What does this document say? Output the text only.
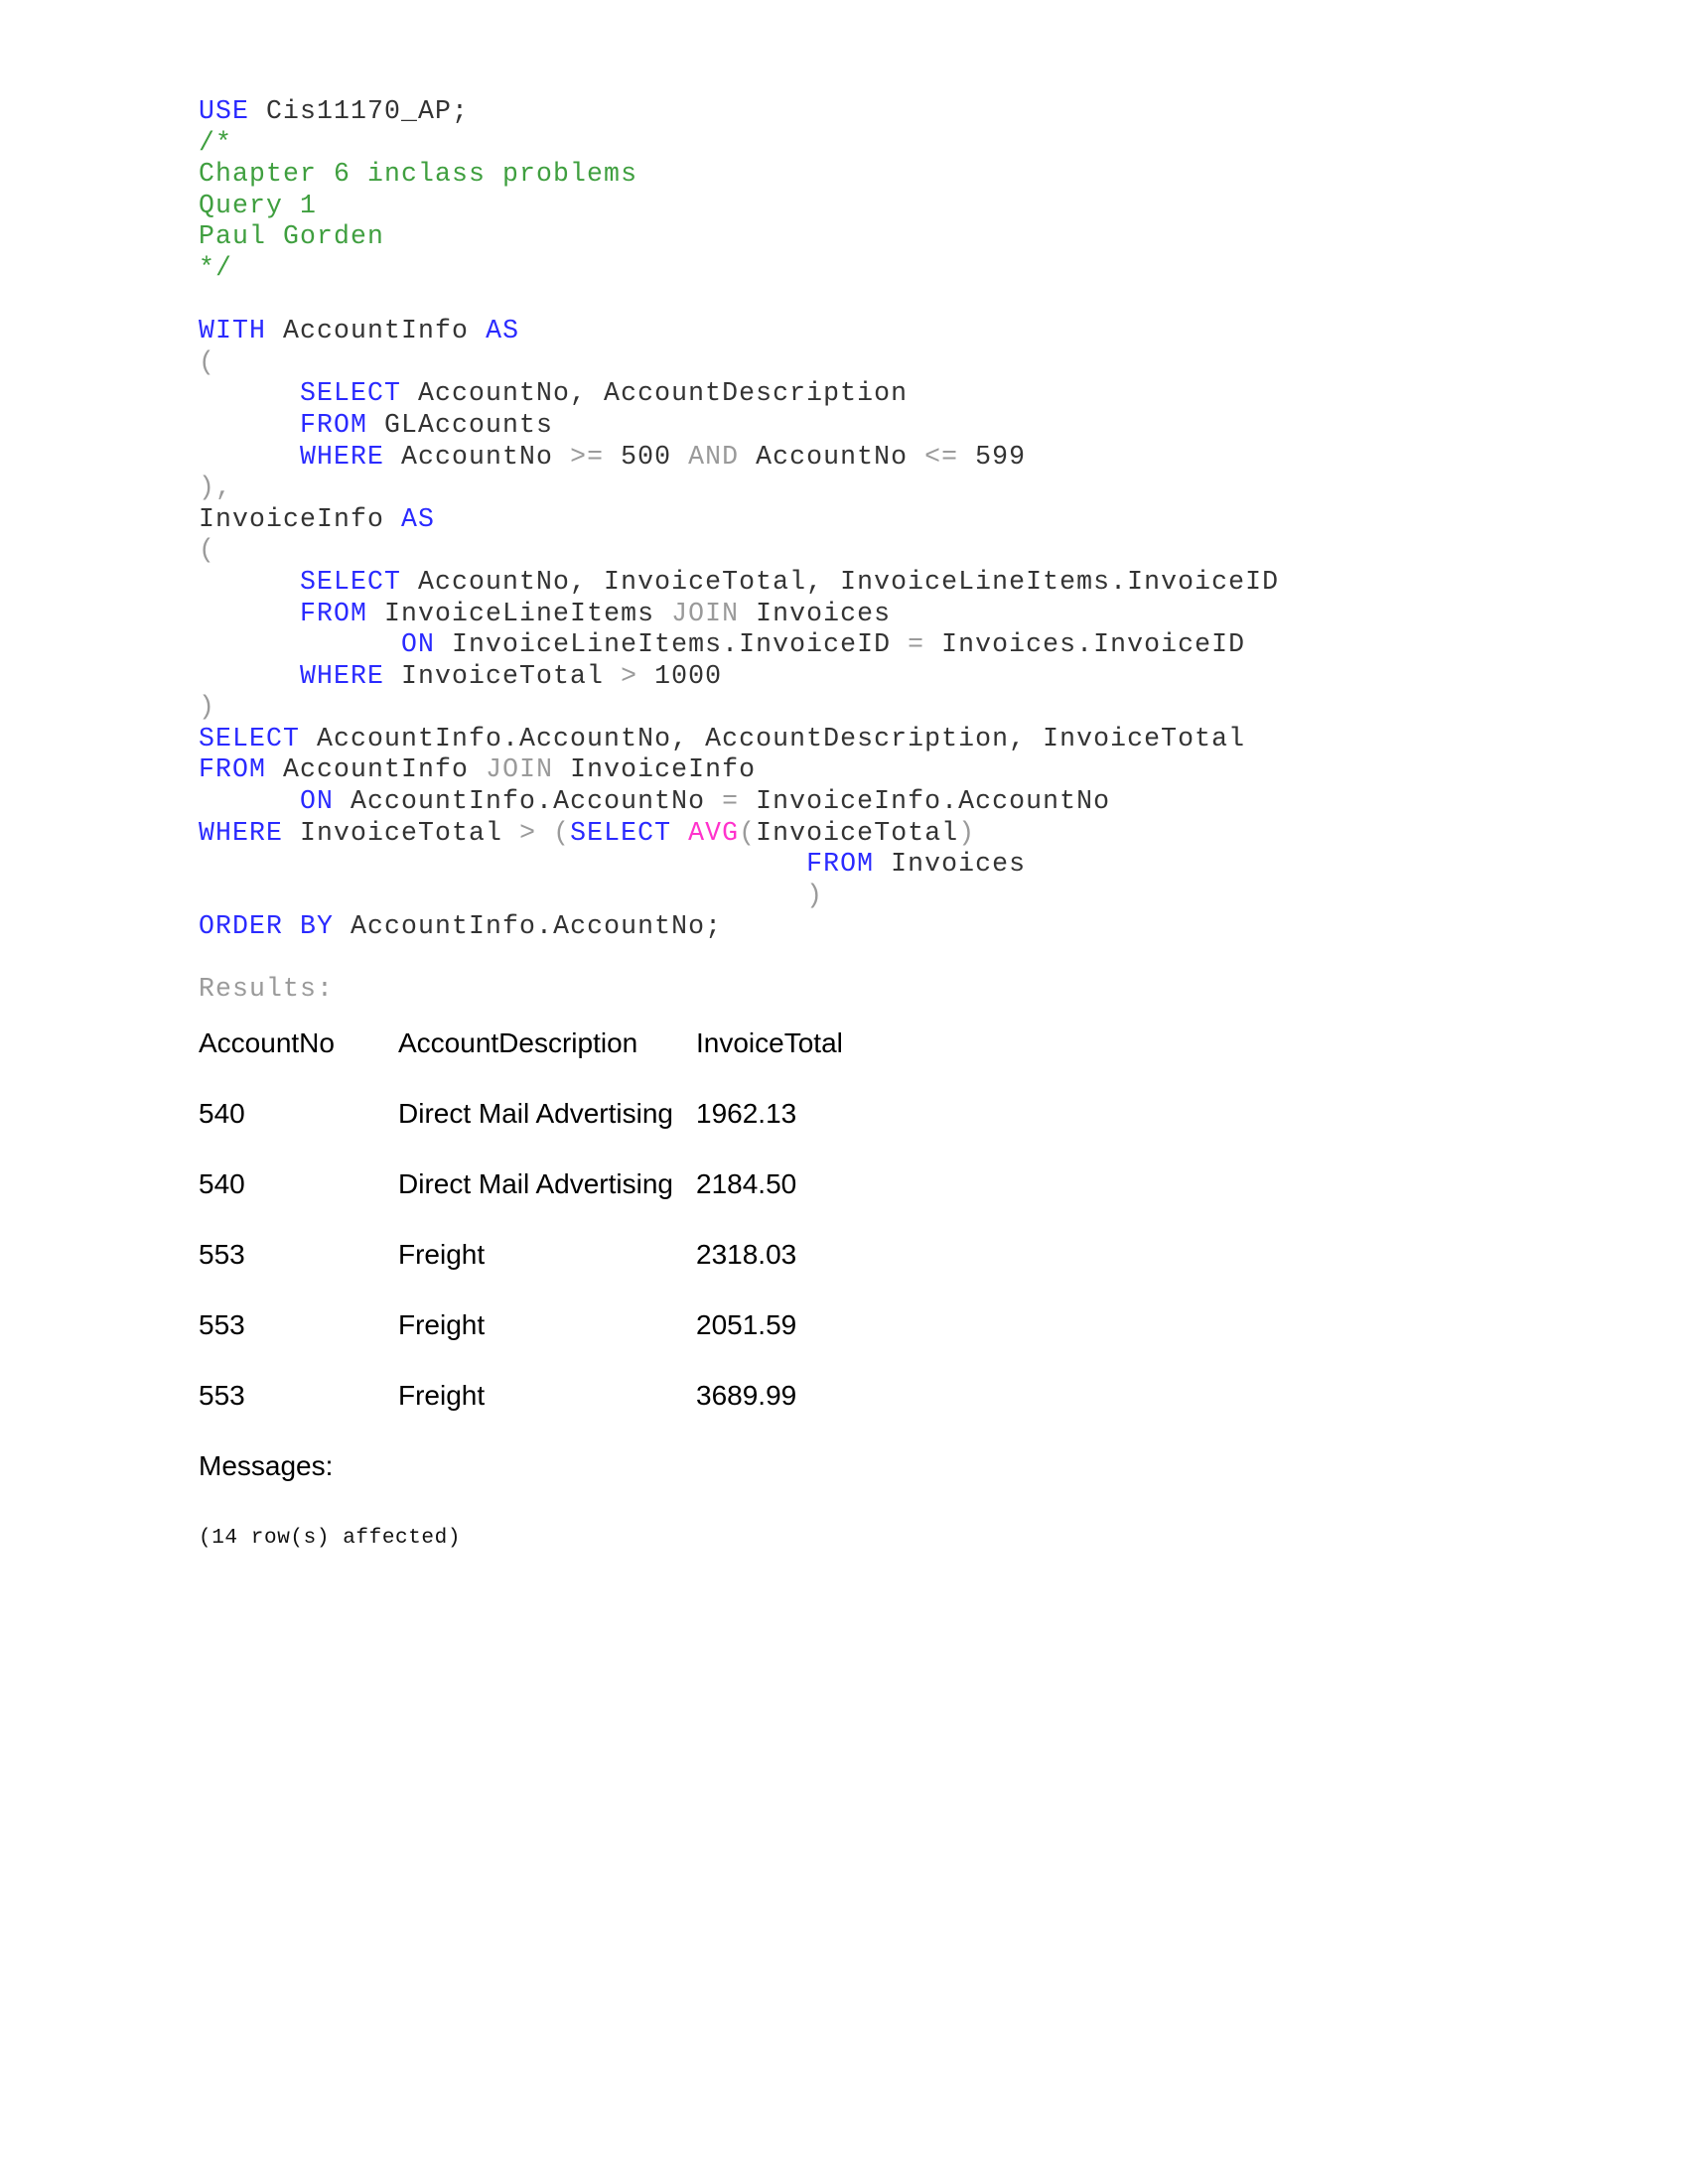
USE Cis11170_AP;
/*
Chapter 6 inclass problems
Query 1
Paul Gorden
*/
WITH AccountInfo AS
(
SELECT AccountNo, AccountDescription
FROM GLAccounts
WHERE AccountNo >= 500 AND AccountNo <= 599
),
InvoiceInfo AS
(
SELECT AccountNo, InvoiceTotal, InvoiceLineItems.InvoiceID
FROM InvoiceLineItems JOIN Invoices
ON InvoiceLineItems.InvoiceID = Invoices.InvoiceID
WHERE InvoiceTotal > 1000
)
SELECT AccountInfo.AccountNo, AccountDescription, InvoiceTotal
FROM AccountInfo JOIN InvoiceInfo
ON AccountInfo.AccountNo = InvoiceInfo.AccountNo
WHERE InvoiceTotal > (SELECT AVG(InvoiceTotal)
FROM Invoices
)
ORDER BY AccountInfo.AccountNo;
Results:
AccountNo	AccountDescription	InvoiceTotal
540	Direct Mail Advertising	1962.13
540	Direct Mail Advertising	2184.50
553	Freight	2318.03
553	Freight	2051.59
553	Freight	3689.99
Messages:
(14 row(s) affected)
